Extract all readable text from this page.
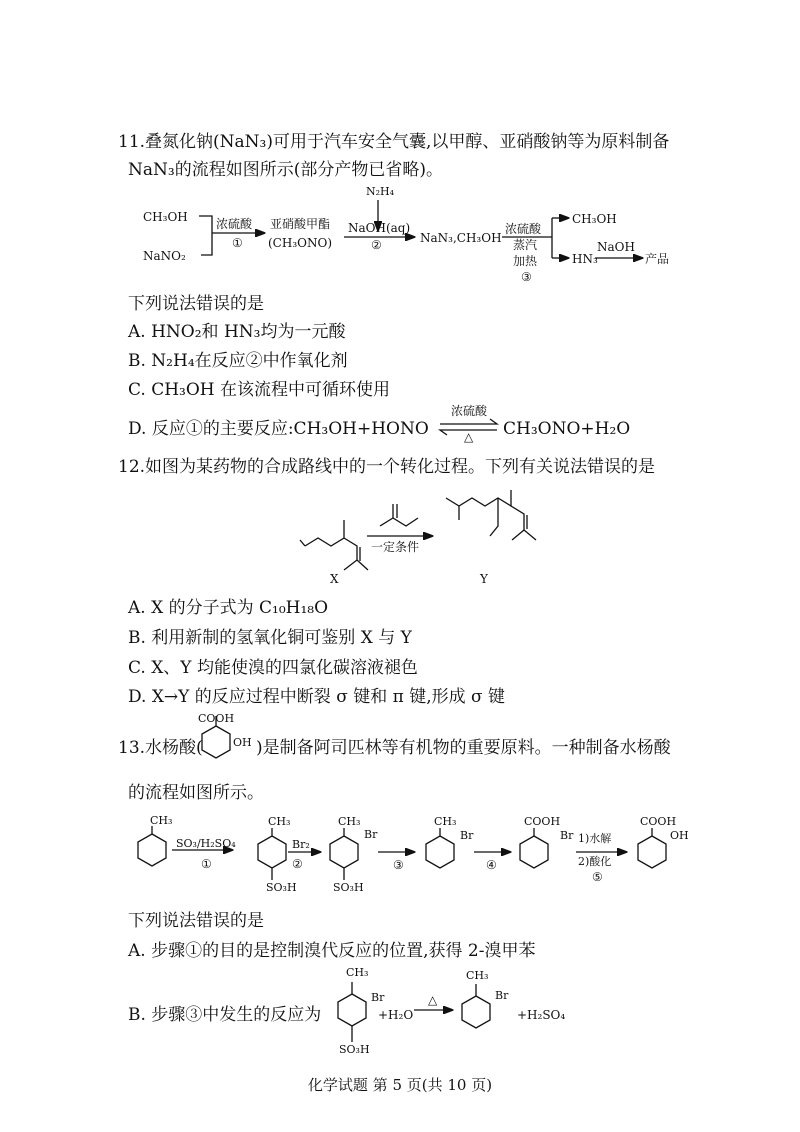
11.叠氮化钠(NaN₃)可用于汽车安全气囊,以甲醇、亚硝酸钠等为原料制备
NaN₃的流程如图所示(部分产物已省略)。
CH₃OH
NaNO₂
浓硫酸
①
亚硝酸甲酯
(CH₃ONO)
N₂H₄
NaOH(aq)
②	NaN₃,CH₃OH
浓硫酸
蒸汽
加热
③
CH₃OH
HN₃
NaOH
产品
下列说法错误的是
A. HNO₂和 HN₃均为一元酸
B. N₂H₄在反应②中作氧化剂
C. CH₃OH 在该流程中可循环使用
D. 反应①的主要反应:CH₃OH+HONO
浓硫酸
△ CH₃ONO+H₂O
12.如图为某药物的合成路线中的一个转化过程。下列有关说法错误的是
一定条件
X	Y
A. X 的分子式为 C₁₀H₁₈O
B. 利用新制的氢氧化铜可鉴别 X 与 Y
C. X、Y 均能使溴的四氯化碳溶液褪色
D. X→Y 的反应过程中断裂 σ 键和 π 键,形成 σ 键
13.水杨酸(
COOH
OH )是制备阿司匹林等有机物的重要原料。一种制备水杨酸
的流程如图所示。
CH₃
SO₃/H₂SO₄
①
CH₃
SO₃H
Br₂
②
CH₃
Br
SO₃H
③
CH₃
Br
④
COOH
Br 1)水解
2)酸化
⑤
COOH
OH
下列说法错误的是
A. 步骤①的目的是控制溴代反应的位置,获得 2-溴甲苯
B. 步骤③中发生的反应为
CH₃
Br
SO₃H
+H₂O
△
CH₃
Br
+H₂SO₄
化学试题 第 5 页(共 10 页)
